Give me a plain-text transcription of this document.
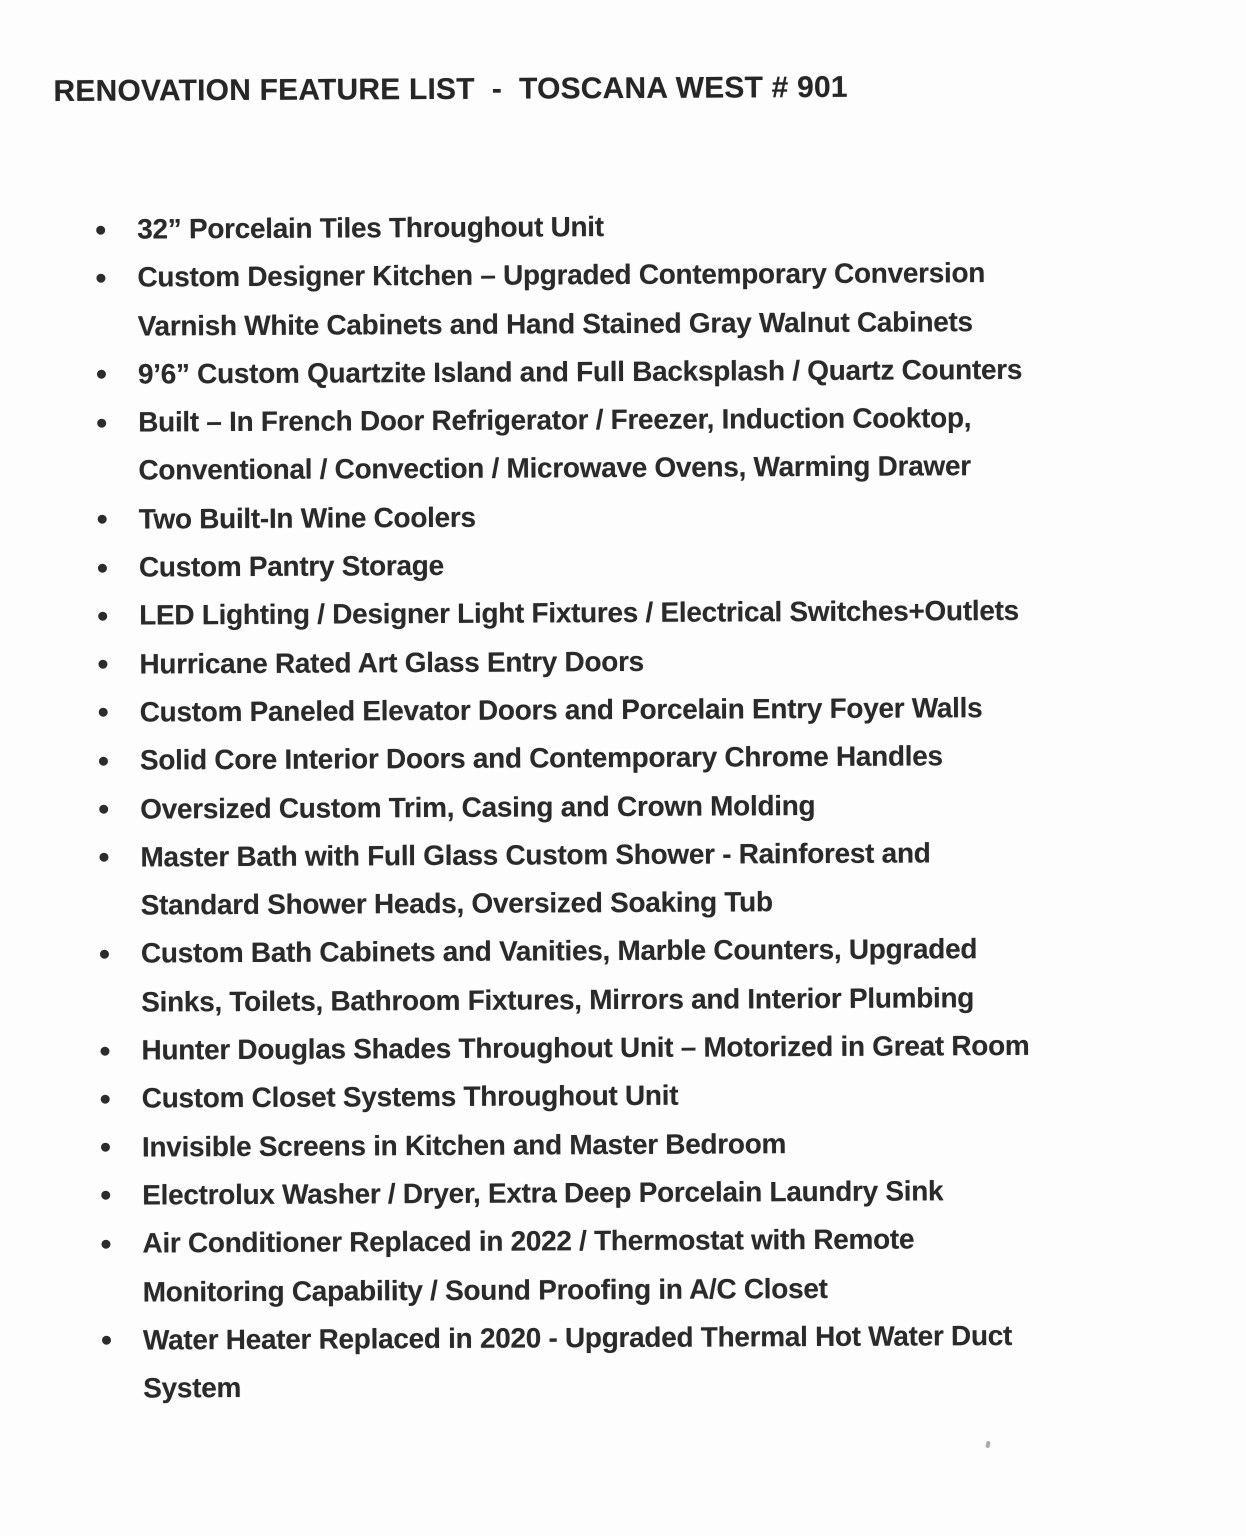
RENOVATION FEATURE LIST  -  TOSCANA WEST # 901
32” Porcelain Tiles Throughout Unit
Custom Designer Kitchen – Upgraded Contemporary Conversion
Varnish White Cabinets and Hand Stained Gray Walnut Cabinets
9’6” Custom Quartzite Island and Full Backsplash / Quartz Counters
Built – In French Door Refrigerator / Freezer, Induction Cooktop,
Conventional / Convection / Microwave Ovens, Warming Drawer
Two Built-In Wine Coolers
Custom Pantry Storage
LED Lighting / Designer Light Fixtures / Electrical Switches+Outlets
Hurricane Rated Art Glass Entry Doors
Custom Paneled Elevator Doors and Porcelain Entry Foyer Walls
Solid Core Interior Doors and Contemporary Chrome Handles
Oversized Custom Trim, Casing and Crown Molding
Master Bath with Full Glass Custom Shower - Rainforest and
Standard Shower Heads, Oversized Soaking Tub
Custom Bath Cabinets and Vanities, Marble Counters, Upgraded
Sinks, Toilets, Bathroom Fixtures, Mirrors and Interior Plumbing
Hunter Douglas Shades Throughout Unit – Motorized in Great Room
Custom Closet Systems Throughout Unit
Invisible Screens in Kitchen and Master Bedroom
Electrolux Washer / Dryer, Extra Deep Porcelain Laundry Sink
Air Conditioner Replaced in 2022 / Thermostat with Remote
Monitoring Capability / Sound Proofing in A/C Closet
Water Heater Replaced in 2020 - Upgraded Thermal Hot Water Duct
System
